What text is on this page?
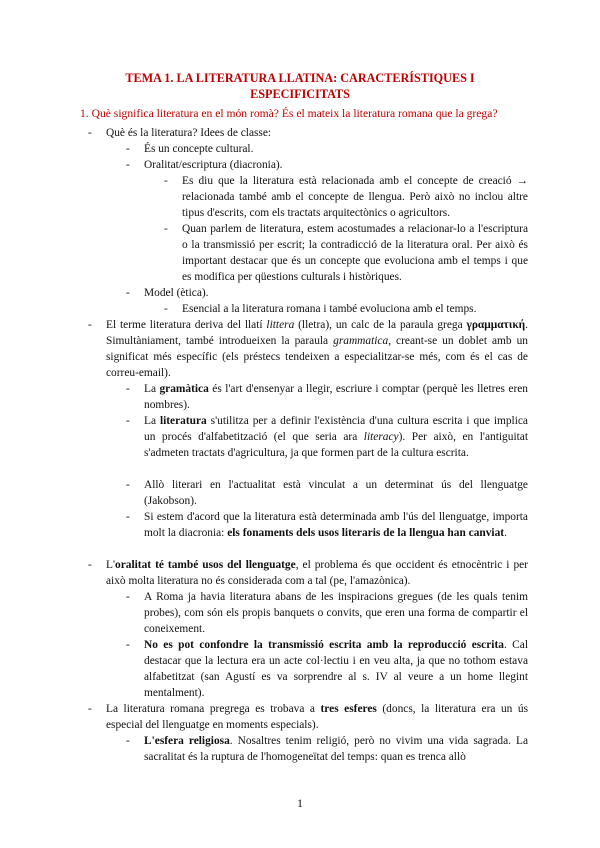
TEMA 1. LA LITERATURA LLATINA: CARACTERÍSTIQUES I ESPECIFICITATS
1. Què significa literatura en el món romà? És el mateix la literatura romana que la grega?
- Què és la literatura? Idees de classe:
- És un concepte cultural.
- Oralitat/escriptura (diacronia).
- Es diu que la literatura està relacionada amb el concepte de creació → relacionada també amb el concepte de llengua. Però això no inclou altre tipus d'escrits, com els tractats arquitectònics o agricultors.
- Quan parlem de literatura, estem acostumades a relacionar-lo a l'escriptura o la transmissió per escrit; la contradicció de la literatura oral. Per això és important destacar que és un concepte que evoluciona amb el temps i que es modifica per qüestions culturals i històriques.
- Model (ètica).
- Esencial a la literatura romana i també evoluciona amb el temps.
- El terme literatura deriva del llatí littera (lletra), un calc de la paraula grega γραμματική. Simultàniament, també introdueixen la paraula grammatica, creant-se un doblet amb un significat més específic (els préstecs tendeixen a especialitzar-se més, com és el cas de correu-email).
- La gramàtica és l'art d'ensenyar a llegir, escriure i comptar (perquè les lletres eren nombres).
- La literatura s'utilitza per a definir l'existència d'una cultura escrita i que implica un procés d'alfabetització (el que seria ara literacy). Per això, en l'antiguitat s'admeten tractats d'agricultura, ja que formen part de la cultura escrita.
- Allò literari en l'actualitat està vinculat a un determinat ús del llenguatge (Jakobson).
- Si estem d'acord que la literatura està determinada amb l'ús del llenguatge, importa molt la diacronia: els fonaments dels usos literaris de la llengua han canviat.
- L'oralitat té també usos del llenguatge, el problema és que occident és etnocèntric i per això molta literatura no és considerada com a tal (pe, l'amazònica).
- A Roma ja havia literatura abans de les inspiracions gregues (de les quals tenim probes), com són els propis banquets o convits, que eren una forma de compartir el coneixement.
- No es pot confondre la transmissió escrita amb la reproducció escrita. Cal destacar que la lectura era un acte col·lectiu i en veu alta, ja que no tothom estava alfabetitzat (san Agustí es va sorprendre al s. IV al veure a un home llegint mentalment).
- La literatura romana pregrega es trobava a tres esferes (doncs, la literatura era un ús especial del llenguatge en moments especials).
- L'esfera religiosa. Nosaltres tenim religió, però no vivim una vida sagrada. La sacralitat és la ruptura de l'homogeneïtat del temps: quan es trenca allò
1
